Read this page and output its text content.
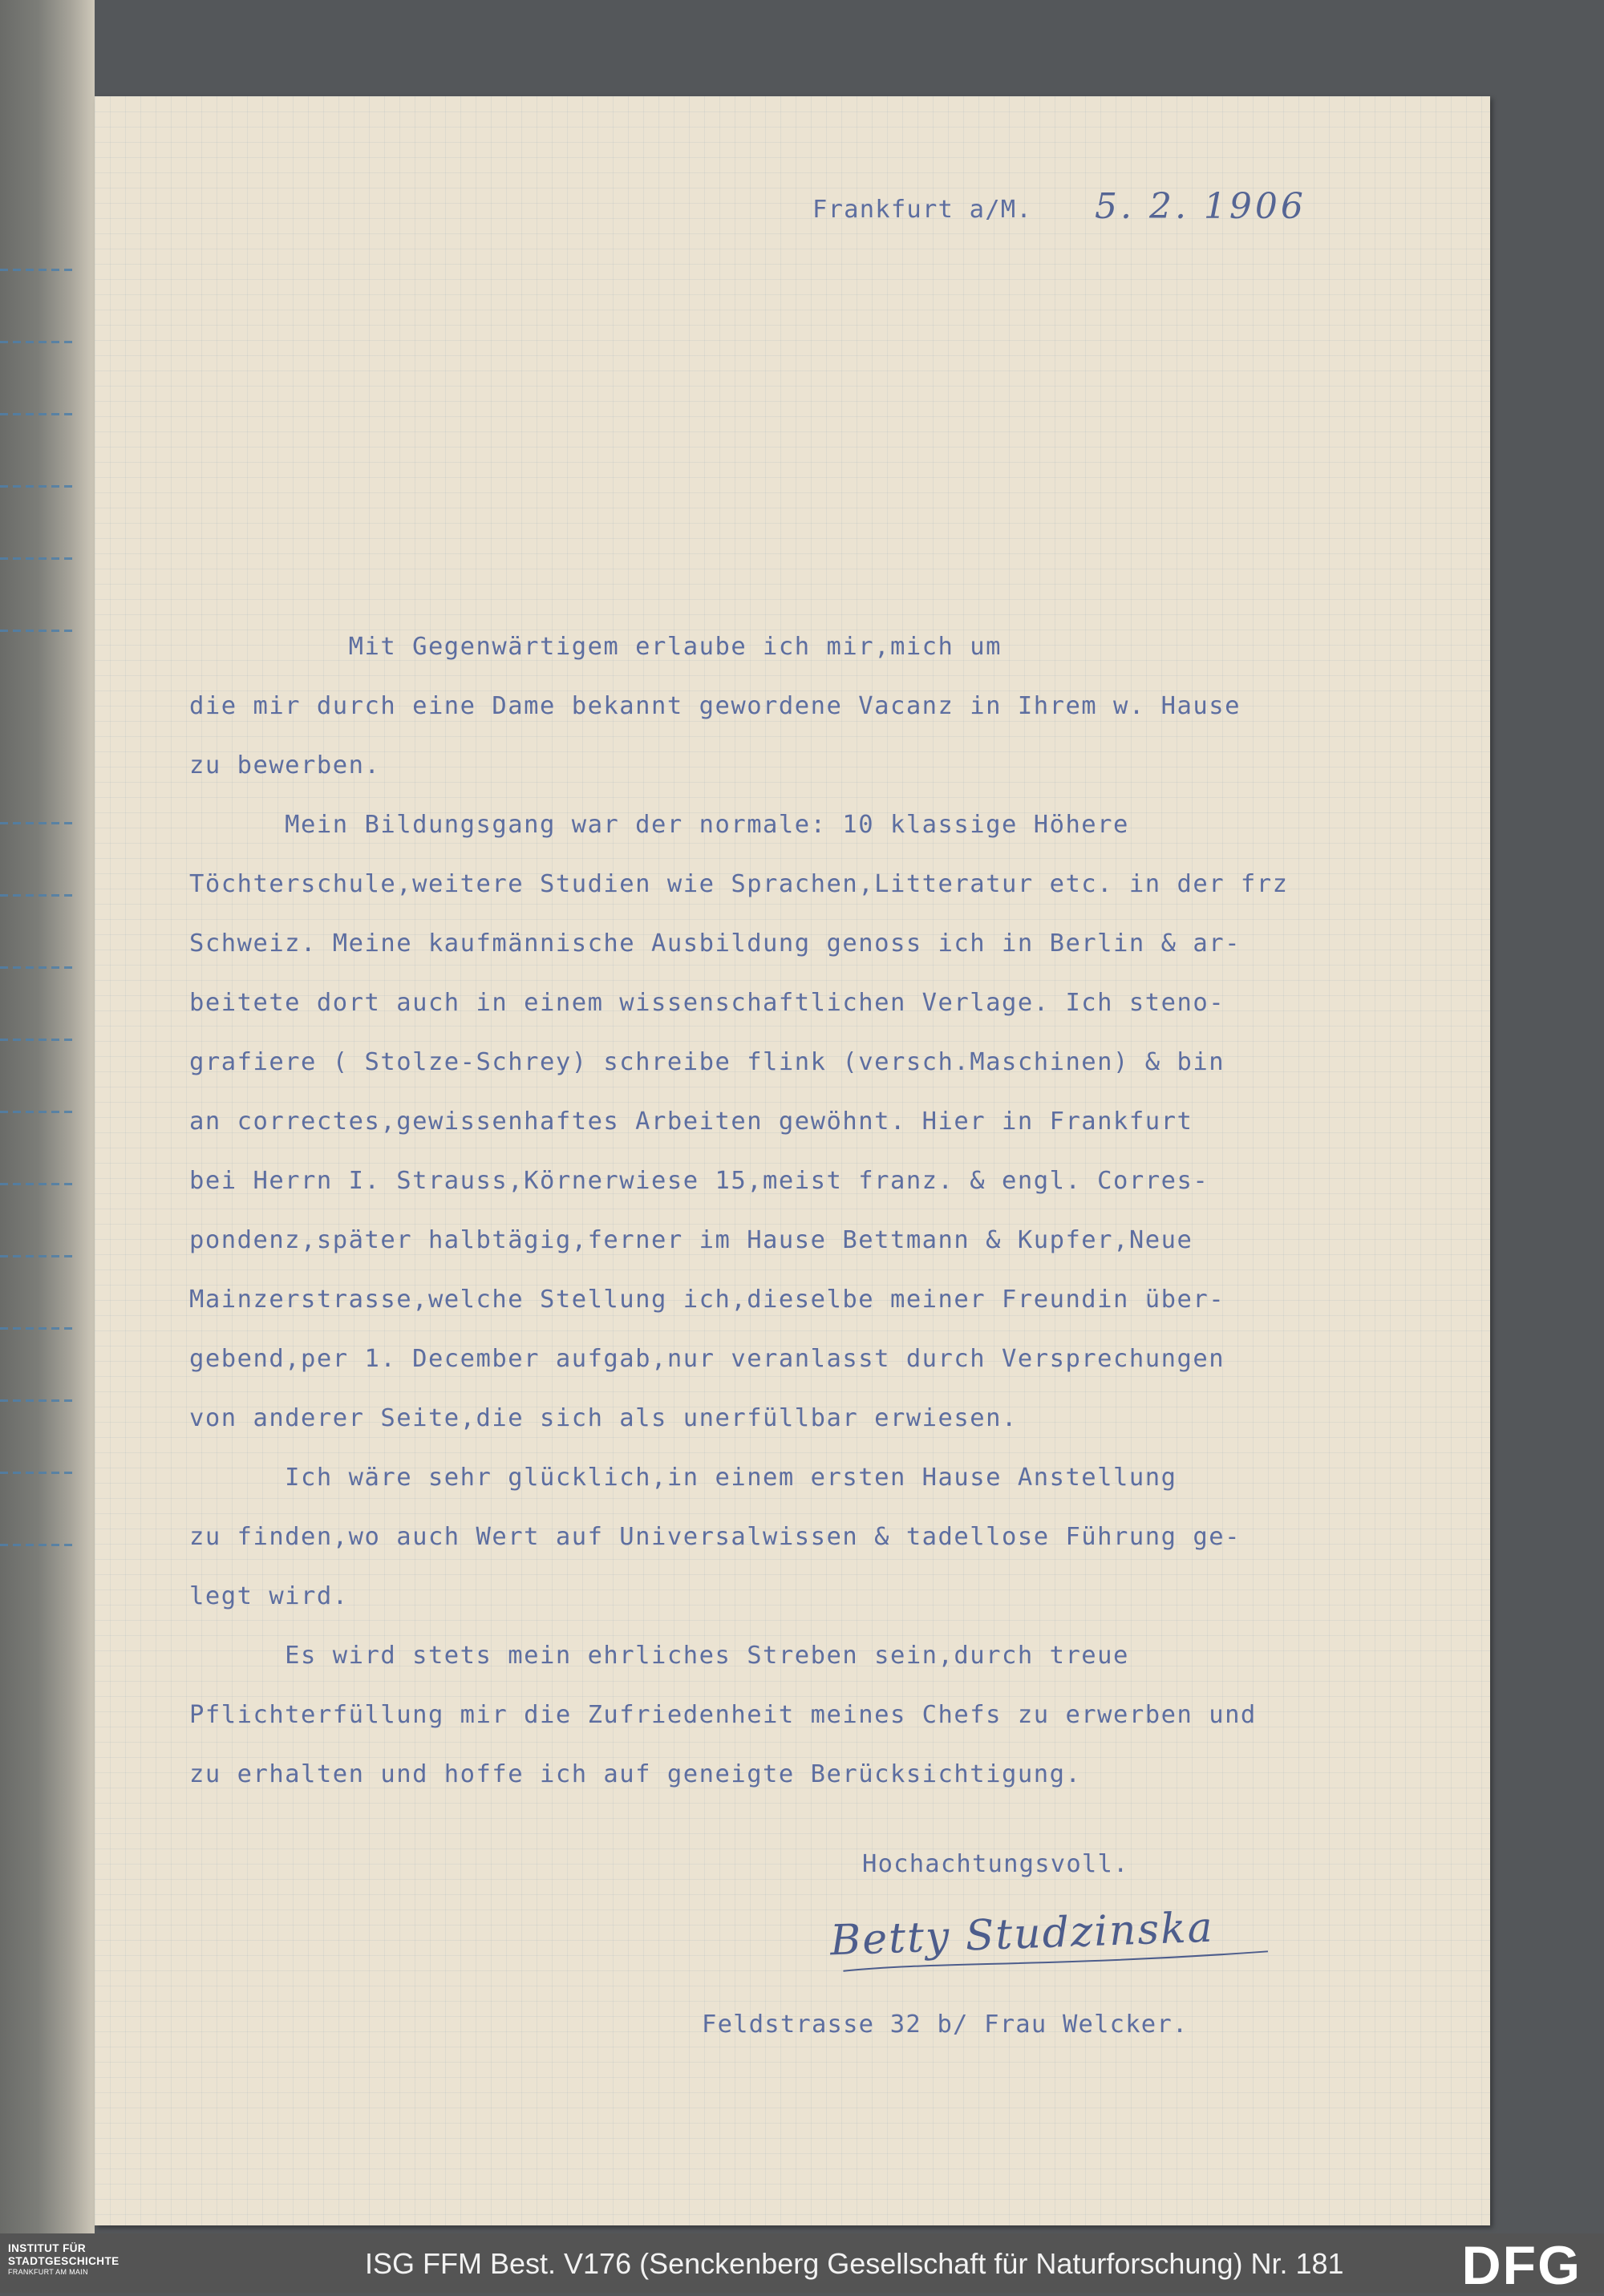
Frankfurt a/M. 5. 2. 1906
Mit Gegenwärtigem erlaube ich mir,mich um
die mir durch eine Dame bekannt gewordene Vacanz in Ihrem w. Hause
zu bewerben.
Mein Bildungsgang war der normale: 10 klassige Höhere
Töchterschule,weitere Studien wie Sprachen,Litteratur etc. in der frz
Schweiz. Meine kaufmännische Ausbildung genoss ich in Berlin & ar-
beitete dort auch in einem wissenschaftlichen Verlage. Ich steno-
grafiere ( Stolze-Schrey) schreibe flink (versch.Maschinen) & bin
an correctes,gewissenhaftes Arbeiten gewöhnt. Hier in Frankfurt
bei Herrn I. Strauss,Körnerwiese 15,meist franz. & engl. Corres-
pondenz,später halbtägig,ferner im Hause Bettmann & Kupfer,Neue
Mainzerstrasse,welche Stellung ich,dieselbe meiner Freundin über-
gebend,per 1. December aufgab,nur veranlasst durch Versprechungen
von anderer Seite,die sich als unerfüllbar erwiesen.
Ich wäre sehr glücklich,in einem ersten Hause Anstellung
zu finden,wo auch Wert auf Universalwissen & tadellose Führung ge-
legt wird.
Es wird stets mein ehrliches Streben sein,durch treue
Pflichterfüllung mir die Zufriedenheit meines Chefs zu erwerben und
zu erhalten und hoffe ich auf geneigte Berücksichtigung.
Hochachtungsvoll.
Betty Studzinska
Feldstrasse 32 b/ Frau Welcker.
INSTITUT FÜR
STADTGESCHICHTE
FRANKFURT AM MAIN	ISG FFM Best. V176 (Senckenberg Gesellschaft für Naturforschung) Nr. 181 DFG
